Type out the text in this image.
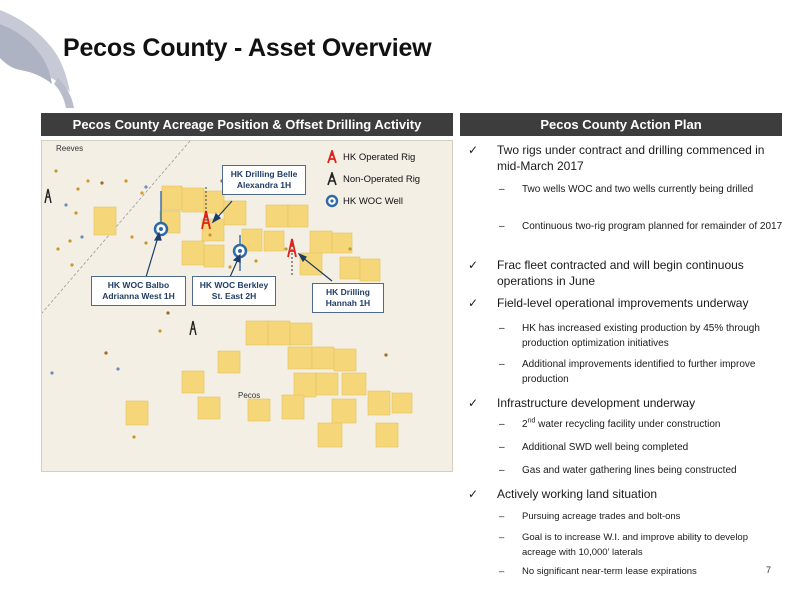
Pecos County - Asset Overview
Pecos County Acreage Position & Offset Drilling Activity
Reeves
Pecos
HK Drilling Belle
Alexandra 1H
HK WOC Balbo
Adrianna West 1H
HK WOC Berkley
St. East 2H	HK Drilling
Hannah 1H
HK Operated Rig
Non-Operated Rig
HK WOC Well
Pecos County Action Plan
✓	Two rigs under contract and drilling commenced in mid-March 2017
– Two wells WOC and two wells currently being drilled
– Continuous two-rig program planned for remainder of 2017
✓	Frac fleet contracted and will begin continuous operations in June
✓	Field-level operational improvements underway
– HK has increased existing production by 45% through production optimization initiatives
– Additional improvements identified to further improve production
✓	Infrastructure development underway
– 2nd water recycling facility under construction
– Additional SWD well being completed
– Gas and water gathering lines being constructed
✓	Actively working land situation
– Pursuing acreage trades and bolt-ons
– Goal is to increase W.I. and improve ability to develop acreage with 10,000’ laterals
– No significant near-term lease expirations	7
